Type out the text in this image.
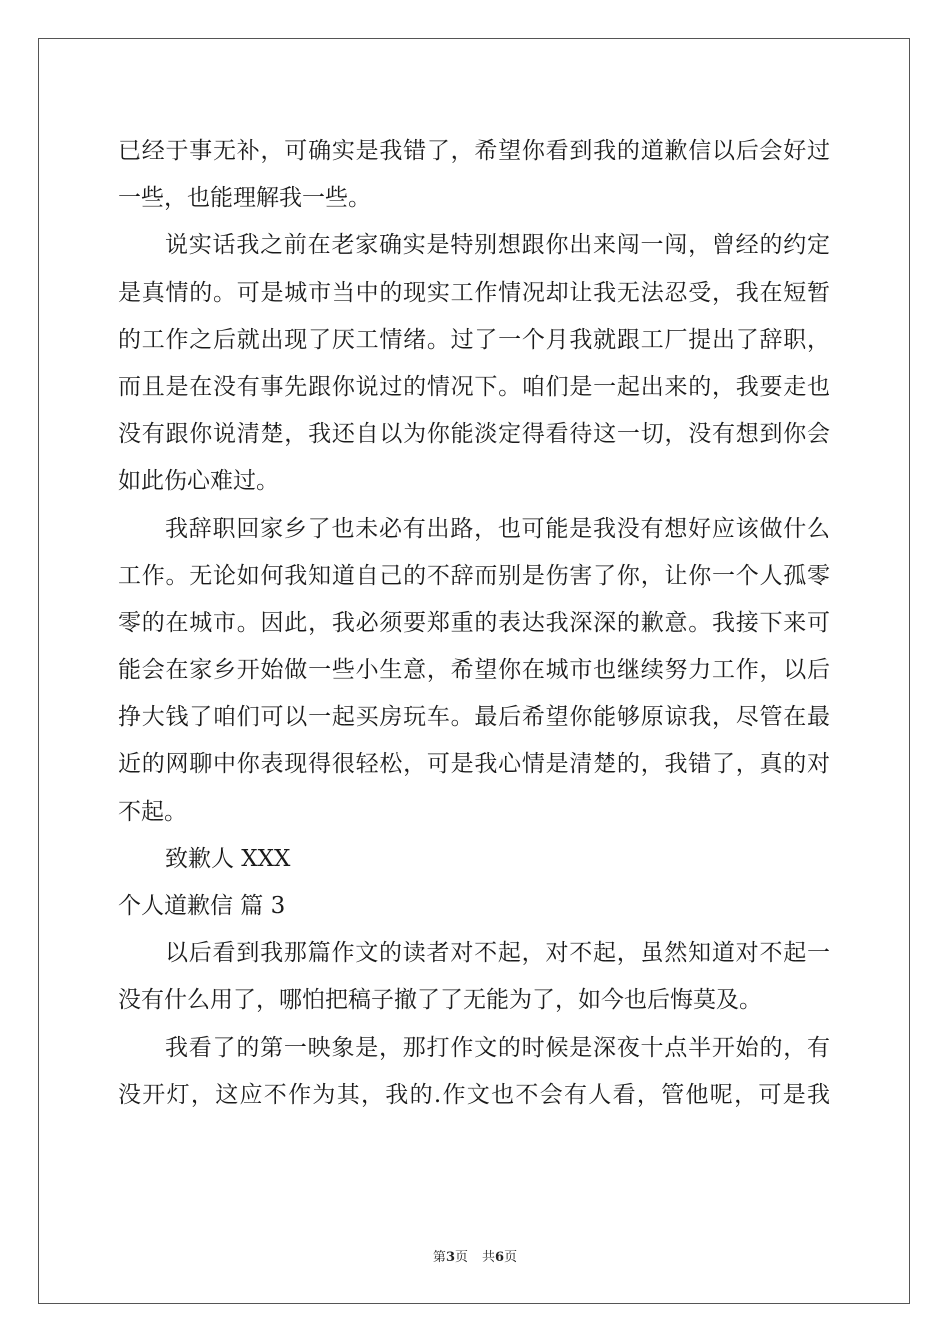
已经于事无补，可确实是我错了，希望你看到我的道歉信以后会好过
一些，也能理解我一些。
说实话我之前在老家确实是特别想跟你出来闯一闯，曾经的约定
是真情的。可是城市当中的现实工作情况却让我无法忍受，我在短暂
的工作之后就出现了厌工情绪。过了一个月我就跟工厂提出了辞职，
而且是在没有事先跟你说过的情况下。咱们是一起出来的，我要走也
没有跟你说清楚，我还自以为你能淡定得看待这一切，没有想到你会
如此伤心难过。
我辞职回家乡了也未必有出路，也可能是我没有想好应该做什么
工作。无论如何我知道自己的不辞而别是伤害了你，让你一个人孤零
零的在城市。因此，我必须要郑重的表达我深深的歉意。我接下来可
能会在家乡开始做一些小生意，希望你在城市也继续努力工作，以后
挣大钱了咱们可以一起买房玩车。最后希望你能够原谅我，尽管在最
近的网聊中你表现得很轻松，可是我心情是清楚的，我错了，真的对
不起。
致歉人 XXX
个人道歉信 篇 3
以后看到我那篇作文的读者对不起，对不起，虽然知道对不起一
没有什么用了，哪怕把稿子撤了了无能为了，如今也后悔莫及。
我看了的第一映象是，那打作文的时候是深夜十点半开始的，有
没开灯，这应不作为其，我的.作文也不会有人看，管他呢，可是我
第3页 共6页
